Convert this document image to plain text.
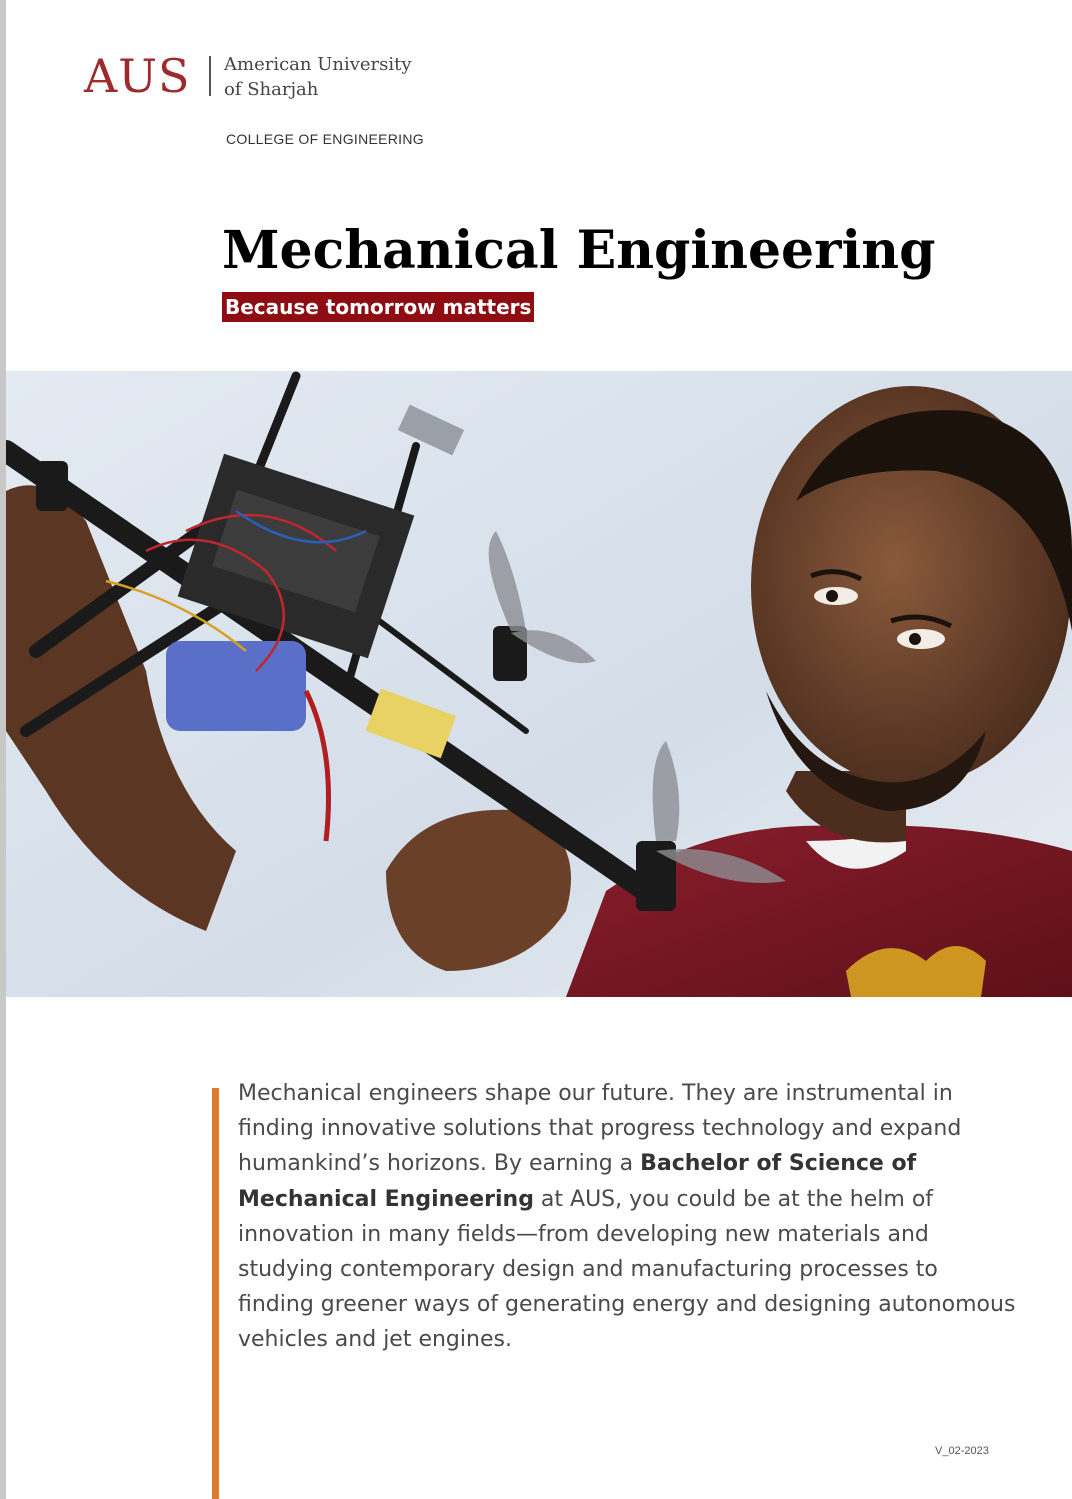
AUS American University
of Sharjah
COLLEGE OF ENGINEERING
Mechanical Engineering
Because tomorrow matters

Mechanical engineers shape our future. They are instrumental in finding innovative solutions that progress technology and expand humankind’s horizons. By earning a Bachelor of Science of Mechanical Engineering at AUS, you could be at the helm of innovation in many fields—from developing new materials and studying contemporary design and manufacturing processes to finding greener ways of generating energy and designing autonomous vehicles and jet engines.

V_02-2023
